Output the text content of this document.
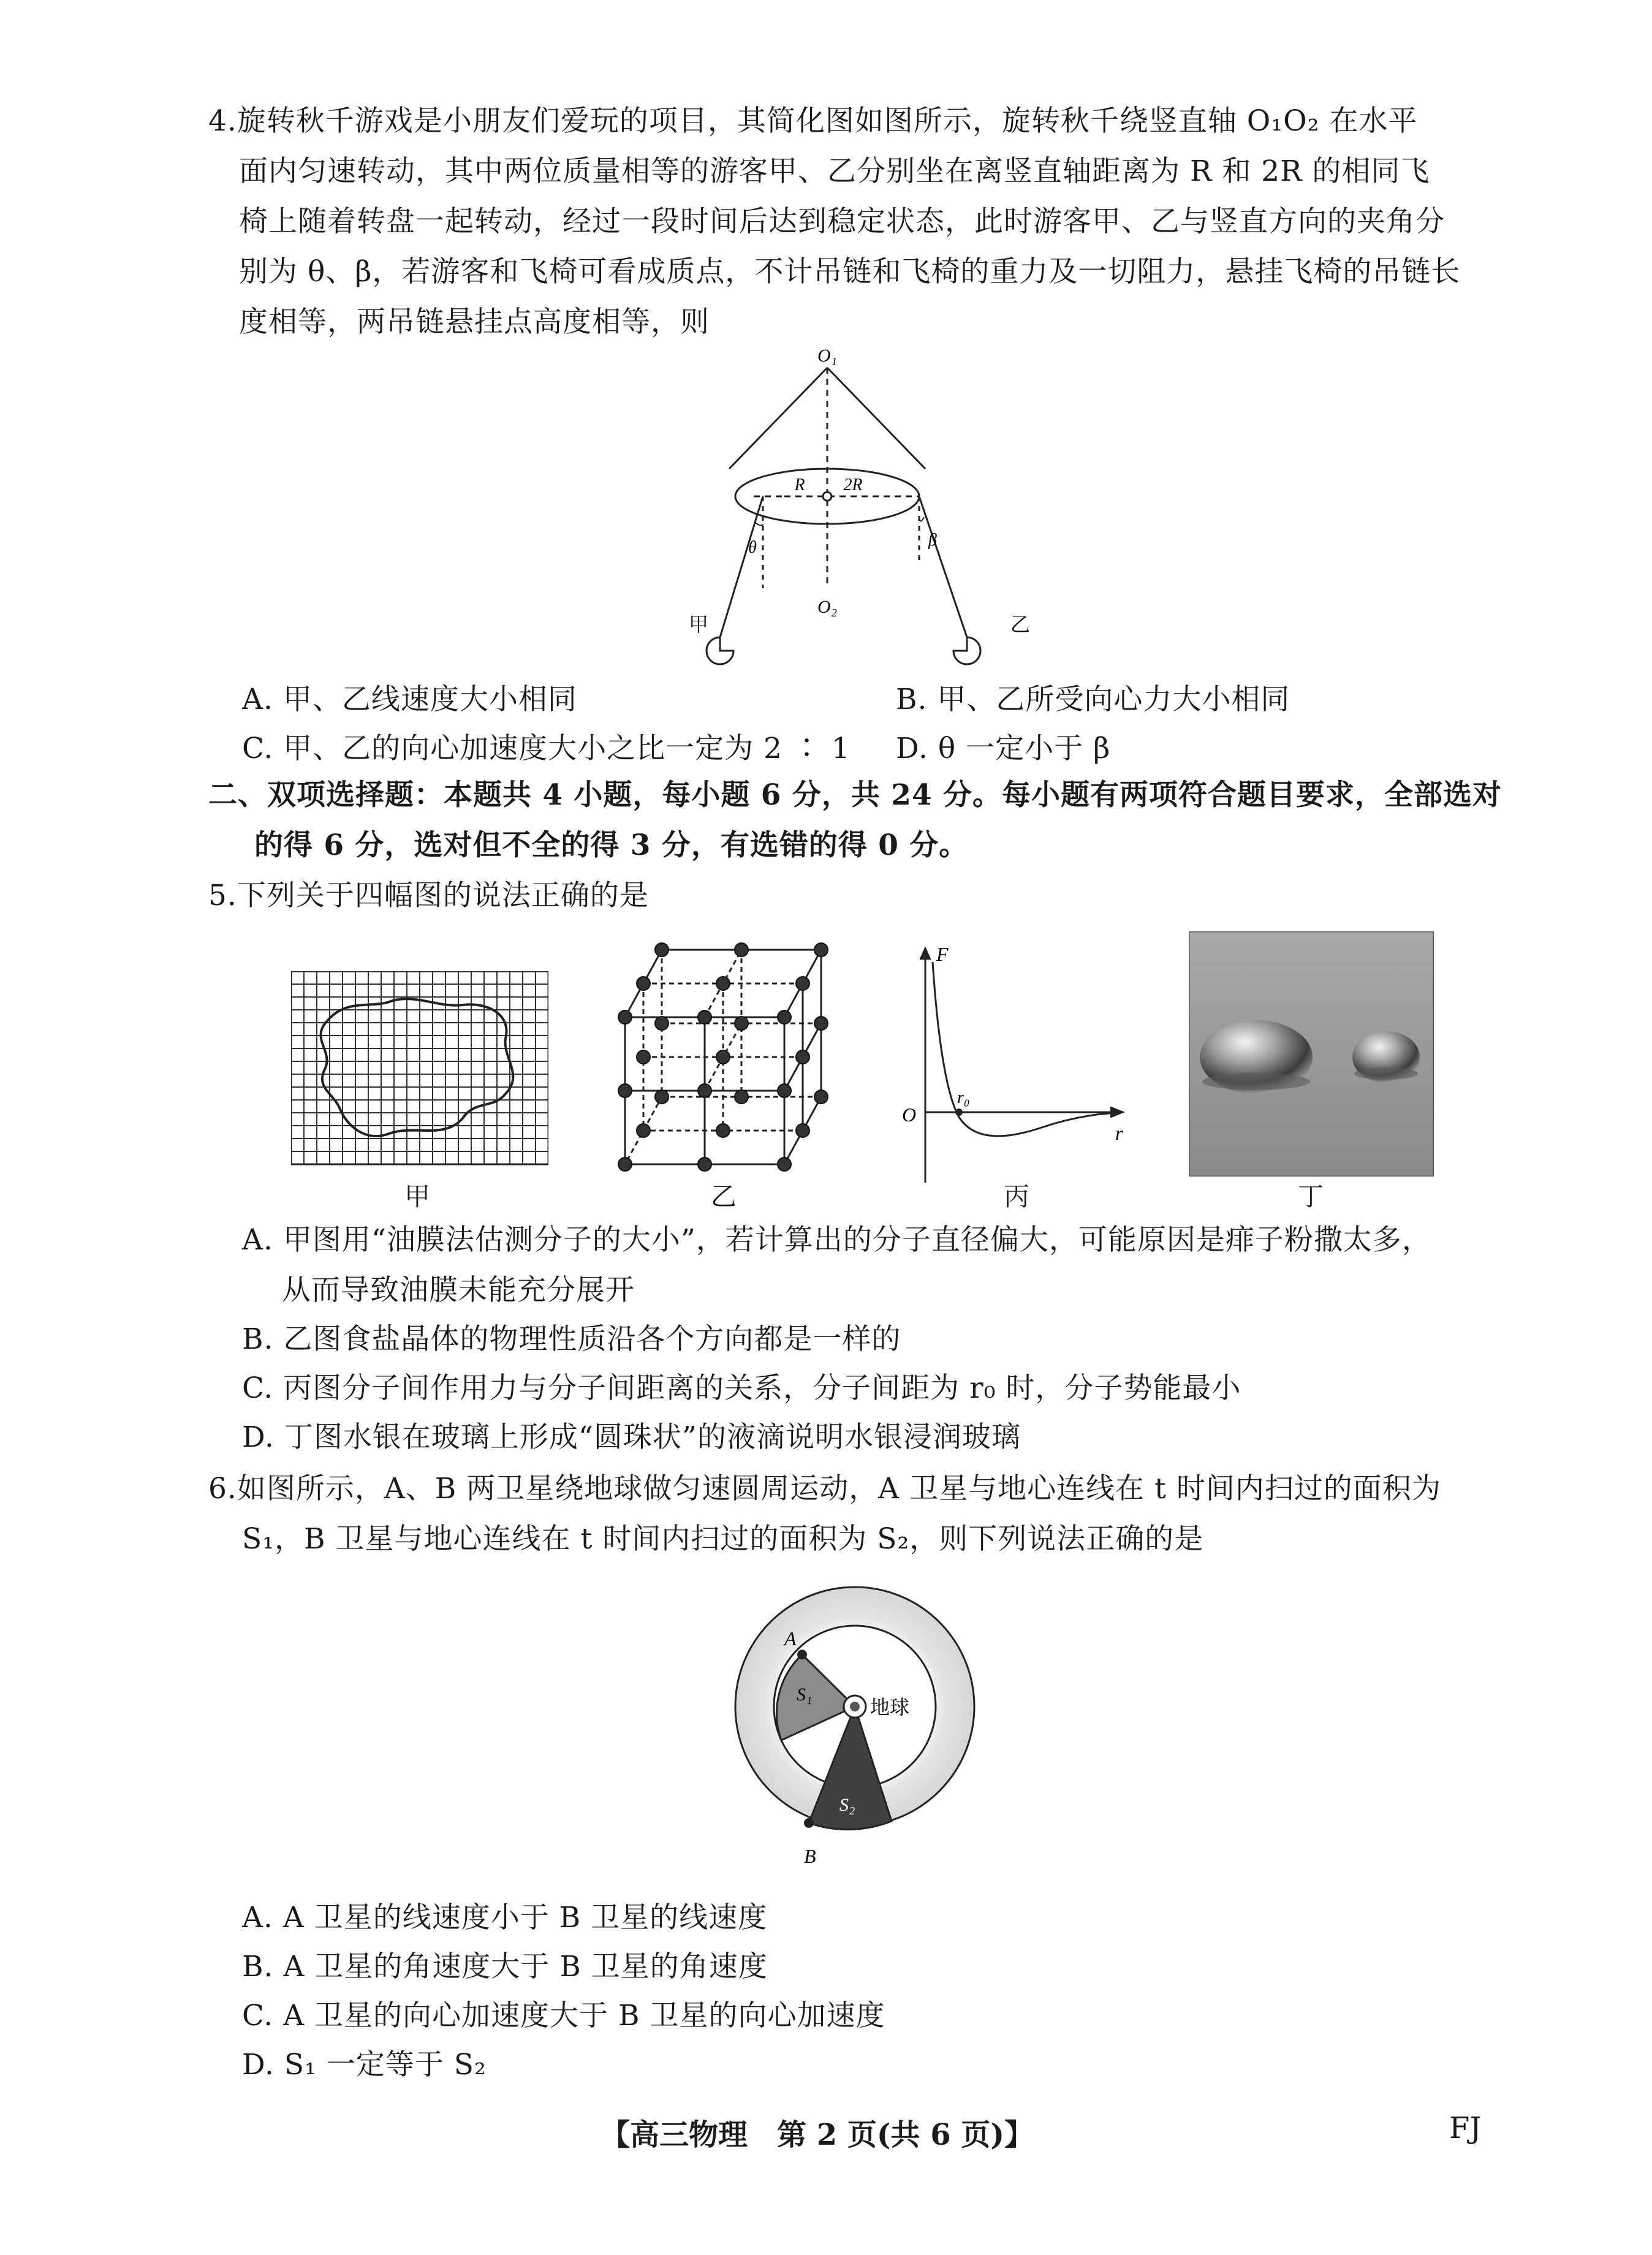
4.旋转秋千游戏是小朋友们爱玩的项目，其简化图如图所示，旋转秋千绕竖直轴 O₁O₂ 在水平
面内匀速转动，其中两位质量相等的游客甲、乙分别坐在离竖直轴距离为 R 和 2R 的相同飞
椅上随着转盘一起转动，经过一段时间后达到稳定状态，此时游客甲、乙与竖直方向的夹角分
别为 θ、β，若游客和飞椅可看成质点，不计吊链和飞椅的重力及一切阻力，悬挂飞椅的吊链长
度相等，两吊链悬挂点高度相等，则
O₁
O₂
R 2R
θ	β
甲	乙
A. 甲、乙线速度大小相同	B. 甲、乙所受向心力大小相同
C. 甲、乙的向心加速度大小之比一定为 2 ∶ 1 D. θ 一定小于 β
二、双项选择题：本题共 4 小题，每小题 6 分，共 24 分。每小题有两项符合题目要求，全部选对
的得 6 分，选对但不全的得 3 分，有选错的得 0 分。
5.下列关于四幅图的说法正确的是
F
O
r₀
r
甲	乙	丙	丁
A. 甲图用“油膜法估测分子的大小”，若计算出的分子直径偏大，可能原因是痱子粉撒太多，
从而导致油膜未能充分展开
B. 乙图食盐晶体的物理性质沿各个方向都是一样的
C. 丙图分子间作用力与分子间距离的关系，分子间距为 r₀ 时，分子势能最小
D. 丁图水银在玻璃上形成“圆珠状”的液滴说明水银浸润玻璃
6.如图所示，A、B 两卫星绕地球做匀速圆周运动，A 卫星与地心连线在 t 时间内扫过的面积为
S₁，B 卫星与地心连线在 t 时间内扫过的面积为 S₂，则下列说法正确的是
A
B
S₁
S₂
地球
A. A 卫星的线速度小于 B 卫星的线速度
B. A 卫星的角速度大于 B 卫星的角速度
C. A 卫星的向心加速度大于 B 卫星的向心加速度
D. S₁ 一定等于 S₂
【高三物理　第 2 页(共 6 页)】	FJ
